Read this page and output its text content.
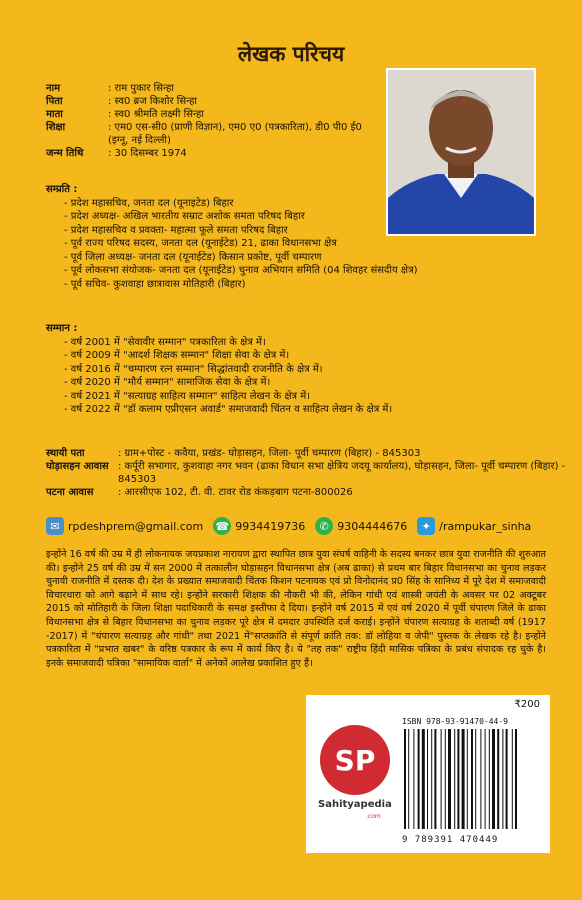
लेखक परिचय
नाम	: राम पुकार सिन्हा
पिता	: स्व0 ब्रज किशोर सिन्हा
माता	: स्व0 श्रीमति लक्ष्मी सिन्हा
शिक्षा	: एम0 एस-सी0 (प्राणी विज्ञान), एम0 ए0 (पत्रकारिता), डी0 पी0 ई0 (इग्नू, नई दिल्ली)
जन्म तिथि	: 30 दिसम्बर 1974
सम्प्रति :
- प्रदेश महासचिव, जनता दल (यूनाइटेड) बिहार
- प्रदेश अध्यक्ष- अखिल भारतीय सम्राट अशोक समता परिषद बिहार
- प्रदेश महासचिव व प्रवक्ता- महात्मा फूले समता परिषद बिहार
- पूर्व राज्य परिषद सदस्य, जनता दल (यूनाईटेड) 21, ढाका विधानसभा क्षेत्र
- पूर्व जिला अध्यक्ष- जनता दल (यूनाईटेड) किसान प्रकोष्ट, पूर्वी चम्पारण
- पूर्व लोकसभा संयोजक- जनता दल (यूनाईटेड) चुनाव अभियान समिति (04 शिवहर संसदीय क्षेत्र)
- पूर्व सचिव- कुशवाहा छात्रावास मोतिहारी (बिहार)
सम्मान :
- वर्ष 2001 में "सेवावीर सम्मान" पत्रकारिता के क्षेत्र में।
- वर्ष 2009 में "आदर्श शिक्षक सम्मान" शिक्षा सेवा के क्षेत्र में।
- वर्ष 2016 में "चम्पारण रत्न सम्मान" सिद्धांतवादी राजनीति के क्षेत्र में।
- वर्ष 2020 में "मौर्य सम्मान" सामाजिक सेवा के क्षेत्र में।
- वर्ष 2021 में "सत्याग्रह साहित्य सम्मान" साहित्य लेखन के क्षेत्र में।
- वर्ष 2022 में "डॉ कलाम एप्रीएसन अवार्ड" समाजवादी चिंतन व साहित्य लेखन के क्षेत्र में।
स्थायी पता	: ग्राम+पोस्ट - कवैया, प्रखंड- घोड़ासहन, जिला- पूर्वी चम्पारण (बिहार) - 845303
घोड़ासहन आवास : कर्पूरी सभागार, कुशवाहा नगर भवन (ढाका विधान सभा क्षेत्रिय जदयू कार्यालय), घोड़ासहन, जिला- पूर्वी चम्पारण (बिहार) - 845303
पटना आवास	: आरसीएफ 102, टी. वी. टावर रोड कंकड़बाग पटना-800026
✉ rpdeshprem@gmail.com ☎ 9934419736	✆ 9304444676	✦ /rampukar_sinha
इन्होंने 16 वर्ष की उम्र में ही लोकनायक जयप्रकाश नारायण द्वारा स्थापित छात्र युवा संघर्ष वाहिनी के सदस्य बनकर छात्र युवा राजनीति की शुरुआत की। इन्होंने 25 वर्ष की उम्र में सन 2000 में तत्कालीन घोड़ासहन विधानसभा क्षेत्र (अब ढाका) से प्रथम बार बिहार विधानसभा का चुनाव लड़कर चुनावी राजनीति में दस्तक दी। देश के प्रख्यात समाजवादी चिंतक किशन पटनायक एवं प्रो विनोदानंद प्र0 सिंह के सानिध्य में पूरे देश में समाजवादी विचारधारा को आगे बढ़ाने में साथ रहे। इन्होंने सरकारी शिक्षक की नौकरी भी की, लेकिन गांधी एवं शास्त्री जयंती के अवसर पर 02 अक्टूबर 2015 को मोतिहारी के जिला शिक्षा पदाधिकारी के समक्ष इस्तीफा दे दिया। इन्होंने वर्ष 2015 में एवं वर्ष 2020 में पूर्वी चंपारण जिले के ढाका विधानसभा क्षेत्र से बिहार विधानसभा का चुनाव लड़कर पूरे क्षेत्र में दमदार उपस्थिति दर्ज कराई। इन्होंने चंपारण सत्याग्रह के शताब्दी वर्ष (1917 -2017) में "चंपारण सत्याग्रह और गांधी" तथा 2021 में"सप्तक्रांति से संपूर्ण क्रांति तक: डॉ लोहिया व जेपी" पुस्तक के लेखक रहे है। इन्होंने पत्रकारिता में "प्रभात खबर" के वरिष्ठ पत्रकार के रूप में कार्य किए है। ये "तह तक" राष्ट्रीय हिंदी मासिक पत्रिका के प्रबंध संपादक रह चुके है। इनके समाजवादी पत्रिका "सामायिक वार्ता" में अनेकों आलेख प्रकाशित हुए हैं।
₹200
ISBN 978-93-91470-44-9
SP
Sahityapedia
.com
9 789391 470449
